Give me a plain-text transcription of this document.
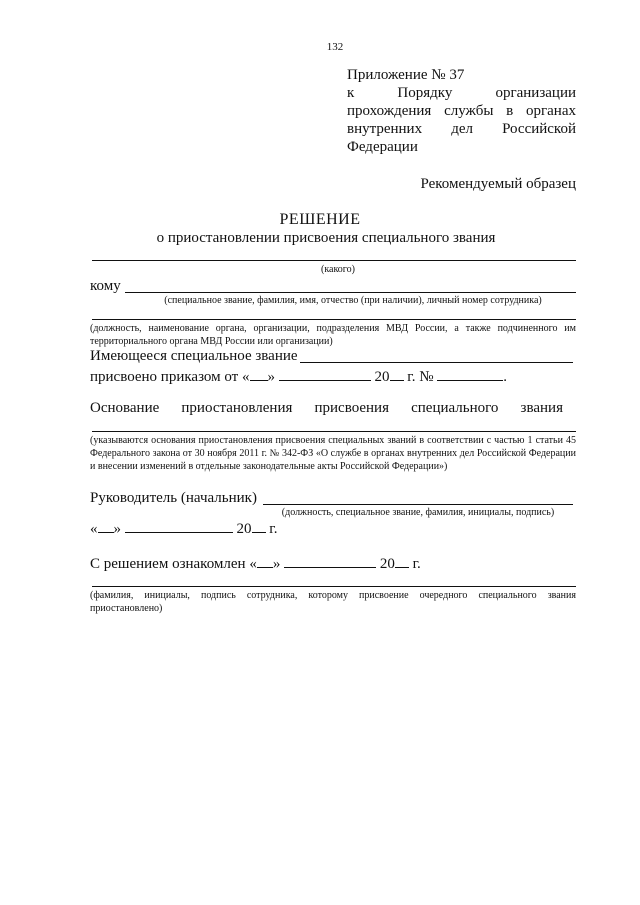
132
Приложение № 37
к	Порядку	организации
прохождения службы в органах
внутренних дел Российской
Федерации
Рекомендуемый образец
РЕШЕНИЕ
о приостановлении присвоения специального звания
(какого)
кому
(специальное звание, фамилия, имя, отчество (при наличии), личный номер сотрудника)
(должность, наименование органа, организации, подразделения МВД России, а также подчиненного им территориального органа МВД России или организации)
Имеющееся специальное звание
присвоено приказом от « »	20 г. №	.
Основание приостановления присвоения специального звания
(указываются основания приостановления присвоения специальных званий в соответствии с частью 1 статьи 45 Федерального закона от 30 ноября 2011 г. № 342-ФЗ «О службе в органах внутренних дел Российской Федерации и внесении изменений в отдельные законодательные акты Российской Федерации»)
Руководитель (начальник)
(должность, специальное звание, фамилия, инициалы, подпись)
« »	20 г.
С решением ознакомлен « »	20 г.
(фамилия, инициалы, подпись сотрудника, которому присвоение очередного специального звания приостановлено)
